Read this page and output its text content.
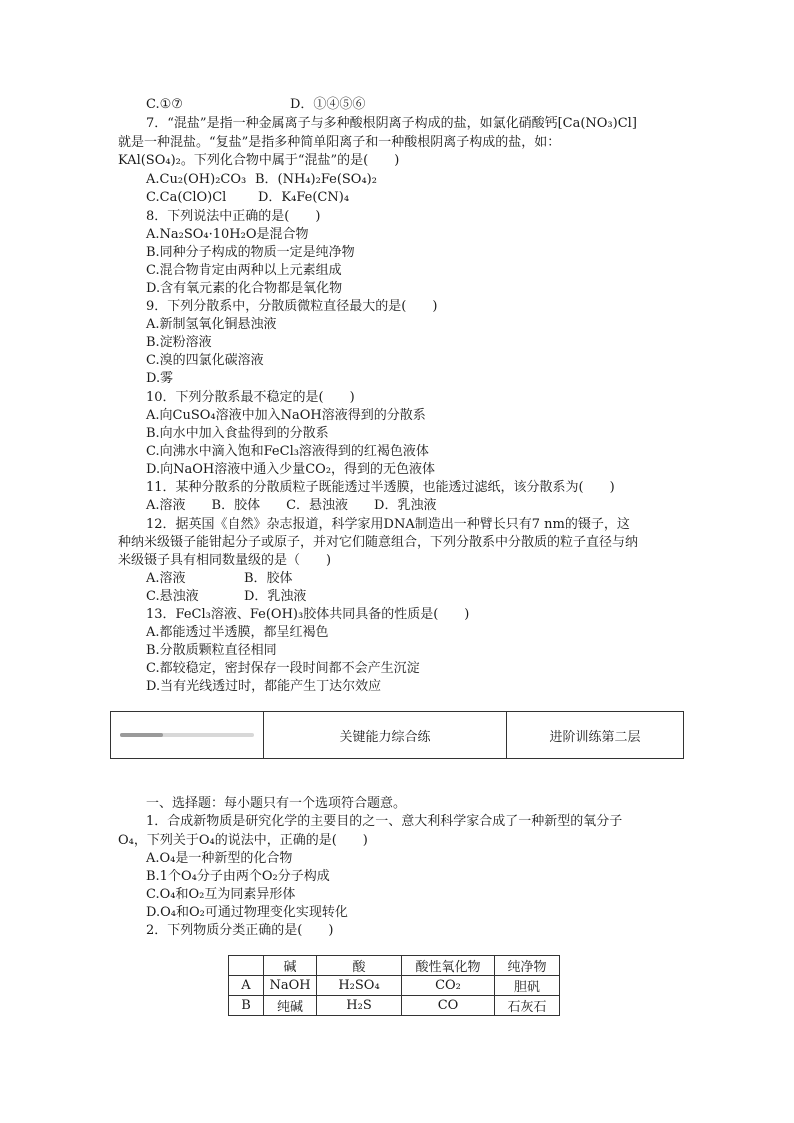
C.①⑦	D．①④⑤⑥
7．“混盐”是指一种金属离子与多种酸根阴离子构成的盐，如氯化硝酸钙[Ca(NO₃)Cl]
就是一种混盐。“复盐”是指多种简单阳离子和一种酸根阴离子构成的盐，如：
KAl(SO₄)₂。下列化合物中属于“混盐”的是(　　)
A.Cu₂(OH)₂CO₃ B．(NH₄)₂Fe(SO₄)₂
C.Ca(ClO)Cl D．K₄Fe(CN)₄
8．下列说法中正确的是(　　)
A.Na₂SO₄·10H₂O是混合物
B.同种分子构成的物质一定是纯净物
C.混合物肯定由两种以上元素组成
D.含有氧元素的化合物都是氧化物
9．下列分散系中，分散质微粒直径最大的是(　　)
A.新制氢氧化铜悬浊液
B.淀粉溶液
C.溴的四氯化碳溶液
D.雾
10．下列分散系最不稳定的是(　　)
A.向CuSO₄溶液中加入NaOH溶液得到的分散系
B.向水中加入食盐得到的分散系
C.向沸水中滴入饱和FeCl₃溶液得到的红褐色液体
D.向NaOH溶液中通入少量CO₂，得到的无色液体
11．某种分散系的分散质粒子既能透过半透膜，也能透过滤纸，该分散系为(　　)
A.溶液　　B．胶体　　C．悬浊液　　D．乳浊液
12．据英国《自然》杂志报道，科学家用DNA制造出一种臂长只有7 nm的镊子，这
种纳米级镊子能钳起分子或原子，并对它们随意组合，下列分散系中分散质的粒子直径与纳
米级镊子具有相同数量级的是（　　)
A.溶液	B．胶体
C.悬浊液	D．乳浊液
13．FeCl₃溶液、Fe(OH)₃胶体共同具备的性质是(　　)
A.都能透过半透膜，都呈红褐色
B.分散质颗粒直径相同
C.都较稳定，密封保存一段时间都不会产生沉淀
D.当有光线透过时，都能产生丁达尔效应
关键能力综合练	进阶训练第二层
一、选择题：每小题只有一个选项符合题意。
1．合成新物质是研究化学的主要目的之一、意大利科学家合成了一种新型的氧分子
O₄，下列关于O₄的说法中，正确的是(　　)
A.O₄是一种新型的化合物
B.1个O₄分子由两个O₂分子构成
C.O₄和O₂互为同素异形体
D.O₄和O₂可通过物理变化实现转化
2．下列物质分类正确的是(　　)
	碱	酸	酸性氧化物	纯净物
A	NaOH	H₂SO₄	CO₂	胆矾
B	纯碱	H₂S	CO	石灰石
